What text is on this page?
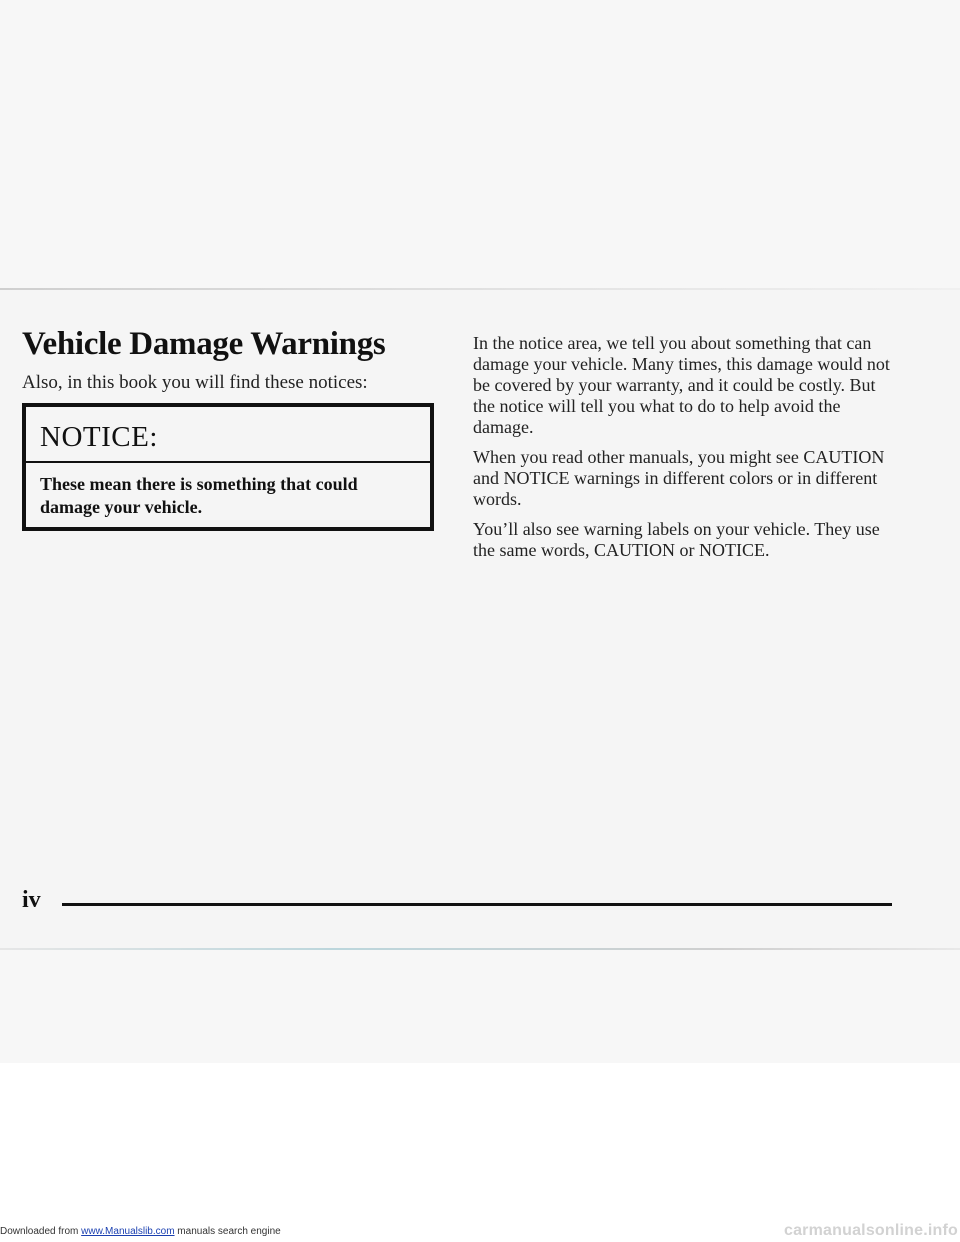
Vehicle Damage Warnings

Also, in this book you will find these notices:

NOTICE:

These mean there is something that could damage your vehicle.

In the notice area, we tell you about something that can damage your vehicle. Many times, this damage would not be covered by your warranty, and it could be costly. But the notice will tell you what to do to help avoid the damage.

When you read other manuals, you might see CAUTION and NOTICE warnings in different colors or in different words.

You’ll also see warning labels on your vehicle. They use the same words, CAUTION or NOTICE.

iv

Downloaded from www.Manualslib.com manuals search engine	carmanualsonline.info
